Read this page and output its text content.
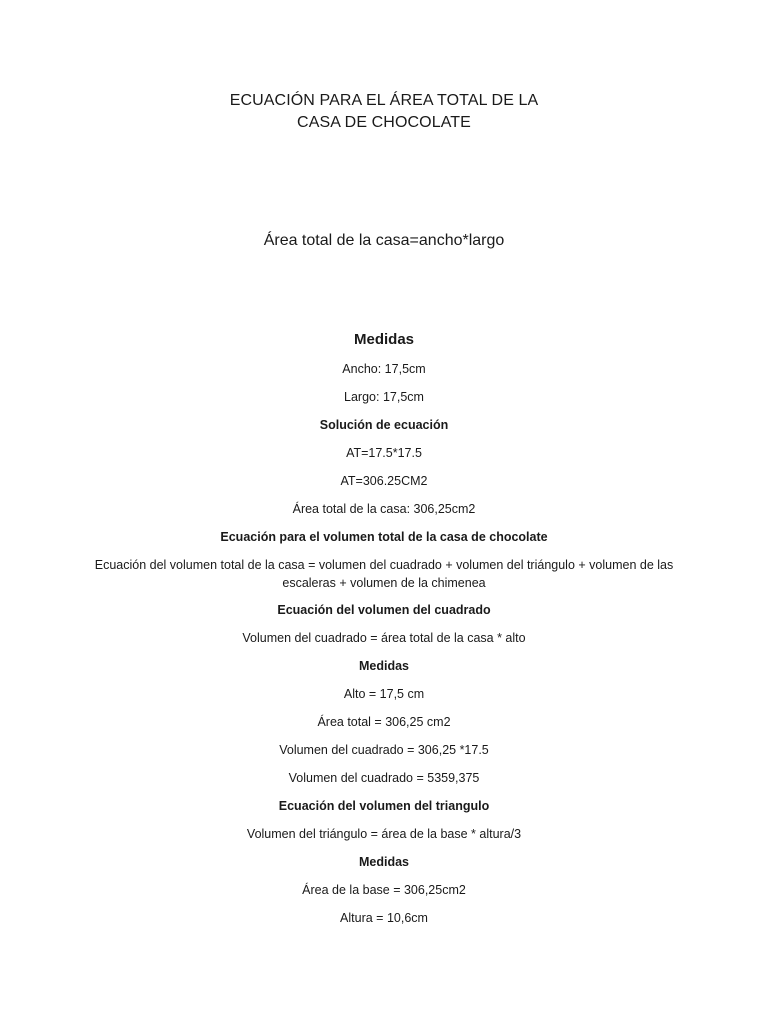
ECUACIÓN PARA EL ÁREA TOTAL DE LA
CASA DE CHOCOLATE
Área total de la casa=ancho*largo
Medidas
Ancho: 17,5cm
Largo: 17,5cm
Solución de ecuación
AT=17.5*17.5
AT=306.25CM2
Área total de la casa: 306,25cm2
Ecuación para el volumen total de la casa de chocolate
Ecuación del volumen total de la casa = volumen del cuadrado + volumen del triángulo + volumen de las
escaleras + volumen de la chimenea
Ecuación del volumen del cuadrado
Volumen del cuadrado = área total de la casa * alto
Medidas
Alto = 17,5 cm
Área total = 306,25 cm2
Volumen del cuadrado = 306,25 *17.5
Volumen del cuadrado = 5359,375
Ecuación del volumen del triangulo
Volumen del triángulo = área de la base * altura/3
Medidas
Área de la base = 306,25cm2
Altura = 10,6cm
